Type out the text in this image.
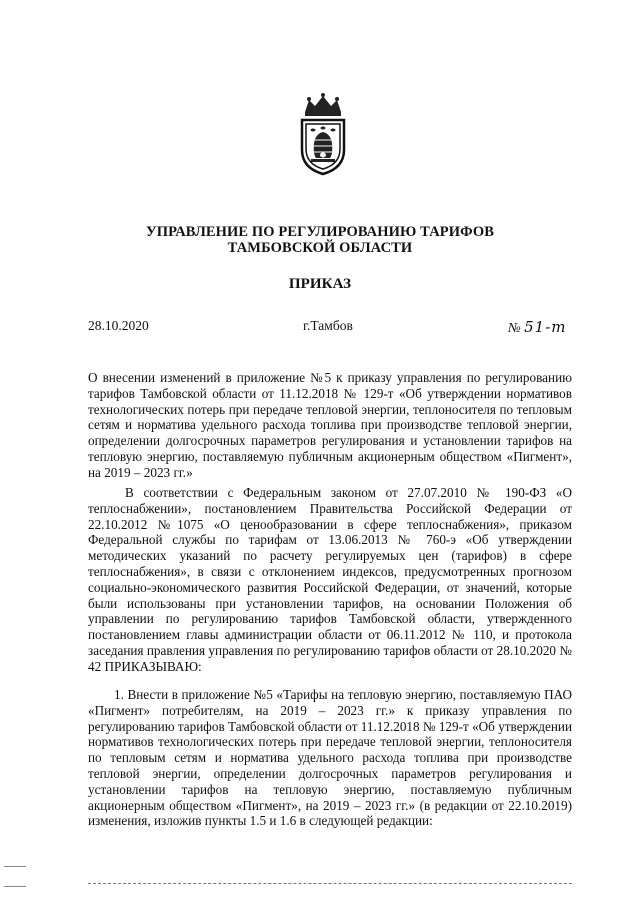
УПРАВЛЕНИЕ ПО РЕГУЛИРОВАНИЮ ТАРИФОВ
ТАМБОВСКОЙ ОБЛАСТИ
ПРИКАЗ
28.10.2020	г.Тамбов	№ 51-т

О внесении изменений в приложение №5 к приказу управления по регулированию тарифов Тамбовской области от 11.12.2018 № 129-т «Об утверждении нормативов технологических потерь при передаче тепловой энергии, теплоносителя по тепловым сетям и норматива удельного расхода топлива при производстве тепловой энергии, определении долгосрочных параметров регулирования и установлении тарифов на тепловую энергию, поставляемую публичным акционерным обществом «Пигмент», на 2019 – 2023 гг.»

В соответствии с Федеральным законом от 27.07.2010 № 190-ФЗ «О теплоснабжении», постановлением Правительства Российской Федерации от 22.10.2012 №1075 «О ценообразовании в сфере теплоснабжения», приказом Федеральной службы по тарифам от 13.06.2013 № 760-э «Об утверждении методических указаний по расчету регулируемых цен (тарифов) в сфере теплоснабжения», в связи с отклонением индексов, предусмотренных прогнозом социально-экономического развития Российской Федерации, от значений, которые были использованы при установлении тарифов, на основании Положения об управлении по регулированию тарифов Тамбовской области, утвержденного постановлением главы администрации области от 06.11.2012 № 110, и протокола заседания правления управления по регулированию тарифов области от 28.10.2020 № 42 ПРИКАЗЫВАЮ:

1. Внести в приложение №5 «Тарифы на тепловую энергию, поставляемую ПАО «Пигмент» потребителям, на 2019 – 2023 гг.» к приказу управления по регулированию тарифов Тамбовской области от 11.12.2018 № 129-т «Об утверждении нормативов технологических потерь при передаче тепловой энергии, теплоносителя по тепловым сетям и норматива удельного расхода топлива при производстве тепловой энергии, определении долгосрочных параметров регулирования и установлении тарифов на тепловую энергию, поставляемую публичным акционерным обществом «Пигмент», на 2019 – 2023 гг.» (в редакции от 22.10.2019) изменения, изложив пункты 1.5 и 1.6 в следующей редакции:
